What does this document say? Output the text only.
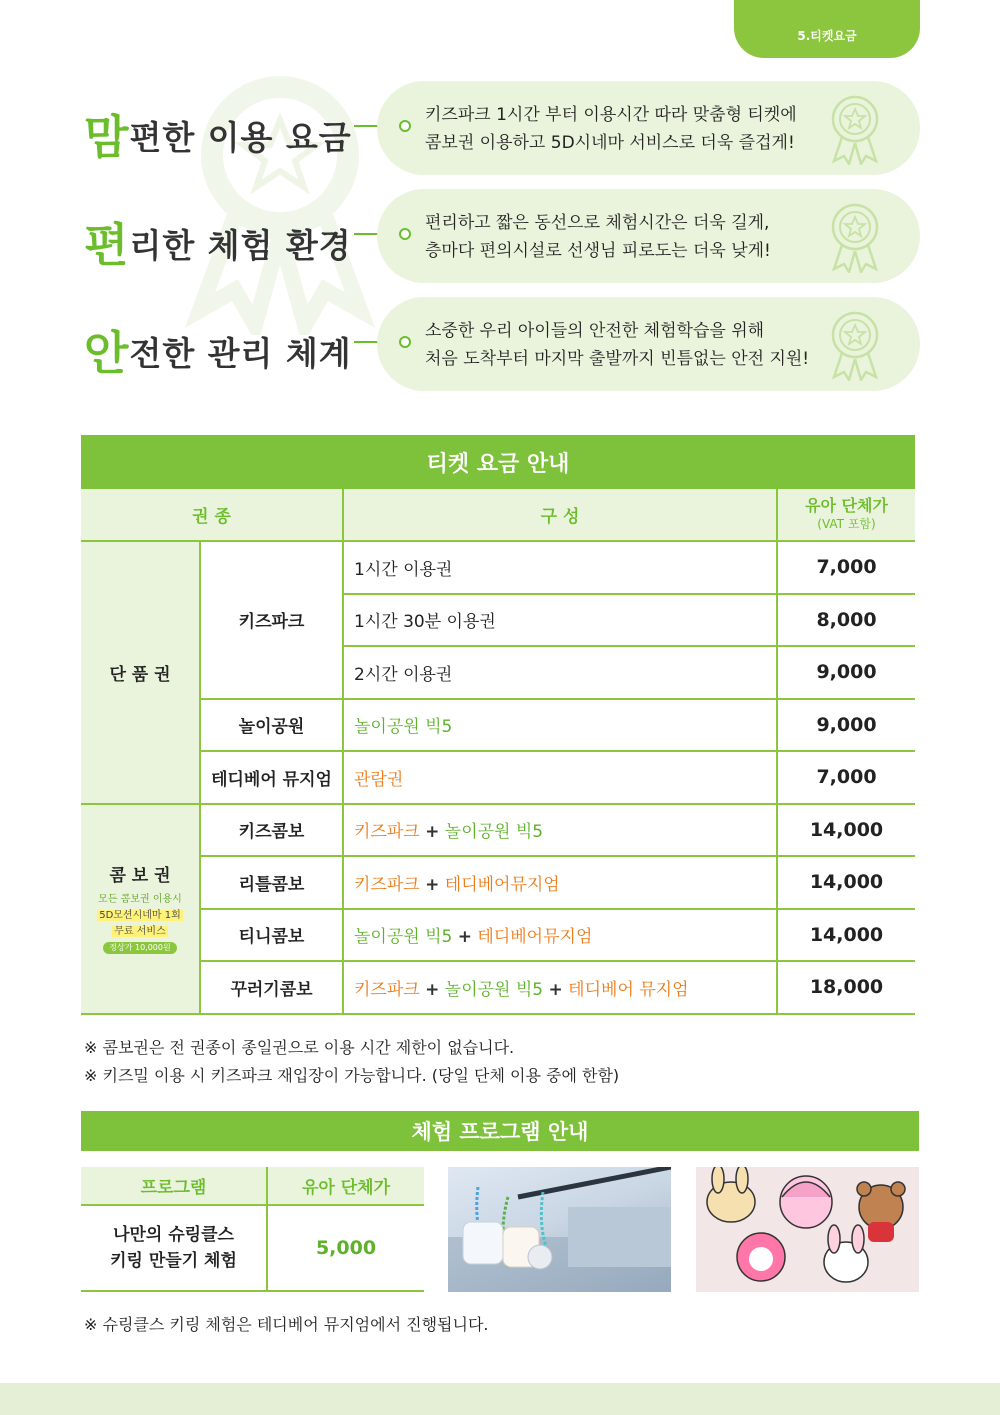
5.티켓요금
맘편한 이용 요금

키즈파크 1시간 부터 이용시간 따라 맞춤형 티켓에

콤보권 이용하고 5D시네마 서비스로 더욱 즐겁게!

편리한 체험 환경

편리하고 짧은 동선으로 체험시간은 더욱 길게,

층마다 편의시설로 선생님 피로도는 더욱 낮게!

안전한 관리 체계

소중한 우리 아이들의 안전한 체험학습을 위해

처음 도착부터 마지막 출발까지 빈틈없는 안전 지원!

티켓 요금 안내
권 종		구 성	유아 단체가
(VAT 포함)

단 품 권	키즈파크	1시간 이용권	7,000
		1시간 30분 이용권	8,000
		2시간 이용권	9,000
	놀이공원	놀이공원 빅5	9,000
	테디베어 뮤지엄	관람권	7,000

콤 보 권
모든 콤보권 이용시
5D모션시네마 1회
무료 서비스
정상가 10,000원	키즈콤보	키즈파크 + 놀이공원 빅5	14,000
	리틀콤보	키즈파크 + 테디베어뮤지엄	14,000
	티니콤보	놀이공원 빅5 + 테디베어뮤지엄	14,000
	꾸러기콤보	키즈파크 + 놀이공원 빅5 + 테디베어 뮤지엄	18,000
※ 콤보권은 전 권종이 종일권으로 이용 시간 제한이 없습니다.
※ 키즈밀 이용 시 키즈파크 재입장이 가능합니다. (당일 단체 이용 중에 한함)
체험 프로그램 안내
프로그램	유아 단체가

나만의 슈링클스
키링 만들기 체험	5,000
※ 슈링클스 키링 체험은 테디베어 뮤지엄에서 진행됩니다.
